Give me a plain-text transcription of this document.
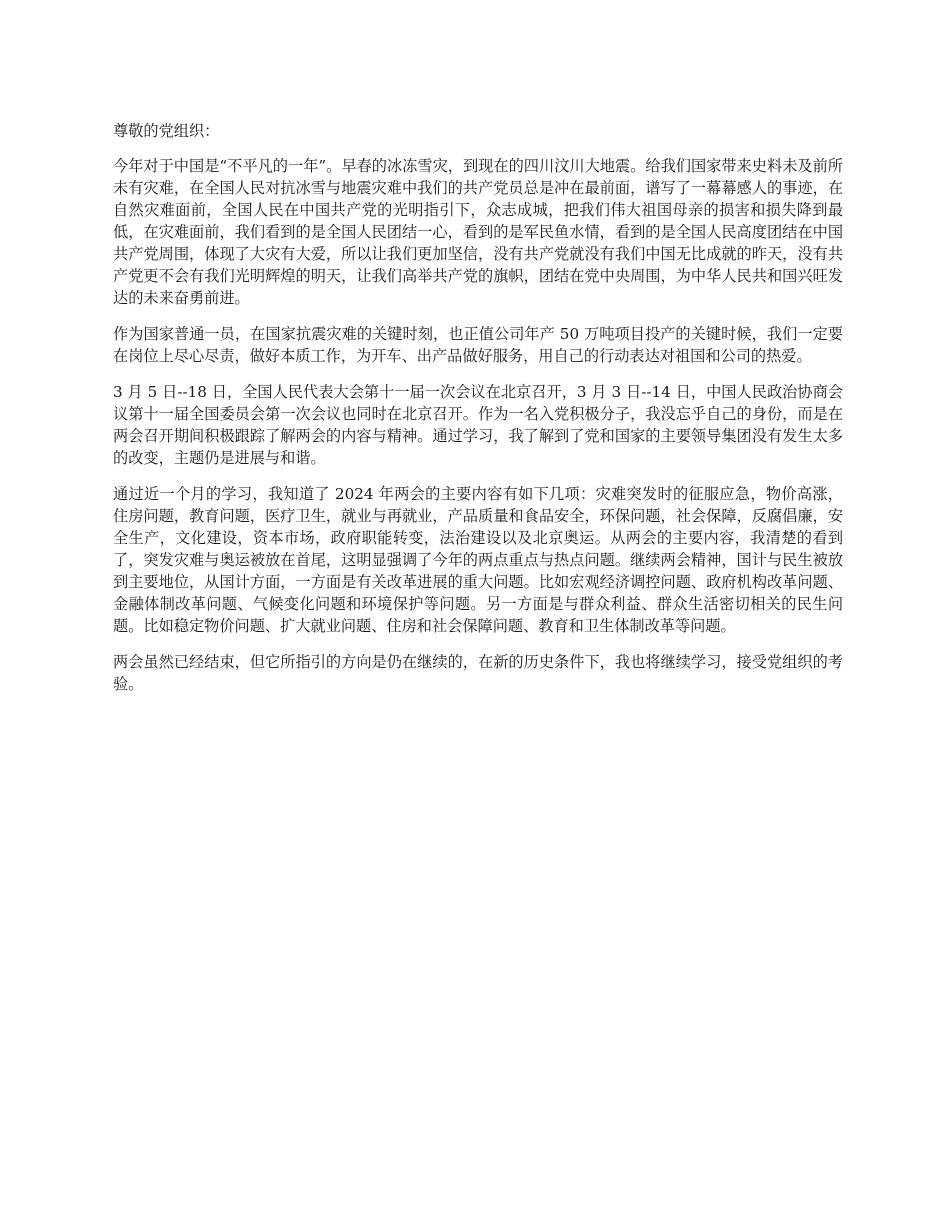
尊敬的党组织：

今年对于中国是“不平凡的一年”。早春的冰冻雪灾，到现在的四川汶川大地震。给我们国家带来史料未及前所未有灾难，在全国人民对抗冰雪与地震灾难中我们的共产党员总是冲在最前面，谱写了一幕幕感人的事迹，在自然灾难面前，全国人民在中国共产党的光明指引下，众志成城，把我们伟大祖国母亲的损害和损失降到最低，在灾难面前，我们看到的是全国人民团结一心，看到的是军民鱼水情，看到的是全国人民高度团结在中国共产党周围，体现了大灾有大爱，所以让我们更加坚信，没有共产党就没有我们中国无比成就的昨天，没有共产党更不会有我们光明辉煌的明天，让我们高举共产党的旗帜，团结在党中央周围，为中华人民共和国兴旺发达的未来奋勇前进。

作为国家普通一员，在国家抗震灾难的关键时刻，也正值公司年产 50 万吨项目投产的关键时候，我们一定要在岗位上尽心尽责，做好本质工作，为开车、出产品做好服务，用自己的行动表达对祖国和公司的热爱。

3 月 5 日--18 日，全国人民代表大会第十一届一次会议在北京召开，3 月 3 日--14 日，中国人民政治协商会议第十一届全国委员会第一次会议也同时在北京召开。作为一名入党积极分子，我没忘乎自己的身份，而是在两会召开期间积极跟踪了解两会的内容与精神。通过学习，我了解到了党和国家的主要领导集团没有发生太多的改变，主题仍是进展与和谐。

通过近一个月的学习，我知道了 2024 年两会的主要内容有如下几项：灾难突发时的征服应急，物价高涨，住房问题，教育问题，医疗卫生，就业与再就业，产品质量和食品安全，环保问题，社会保障，反腐倡廉，安全生产，文化建设，资本市场，政府职能转变，法治建设以及北京奥运。从两会的主要内容，我清楚的看到了，突发灾难与奥运被放在首尾，这明显强调了今年的两点重点与热点问题。继续两会精神，国计与民生被放到主要地位，从国计方面，一方面是有关改革进展的重大问题。比如宏观经济调控问题、政府机构改革问题、金融体制改革问题、气候变化问题和环境保护等问题。另一方面是与群众利益、群众生活密切相关的民生问题。比如稳定物价问题、扩大就业问题、住房和社会保障问题、教育和卫生体制改革等问题。

两会虽然已经结束，但它所指引的方向是仍在继续的，在新的历史条件下，我也将继续学习，接受党组织的考验。
